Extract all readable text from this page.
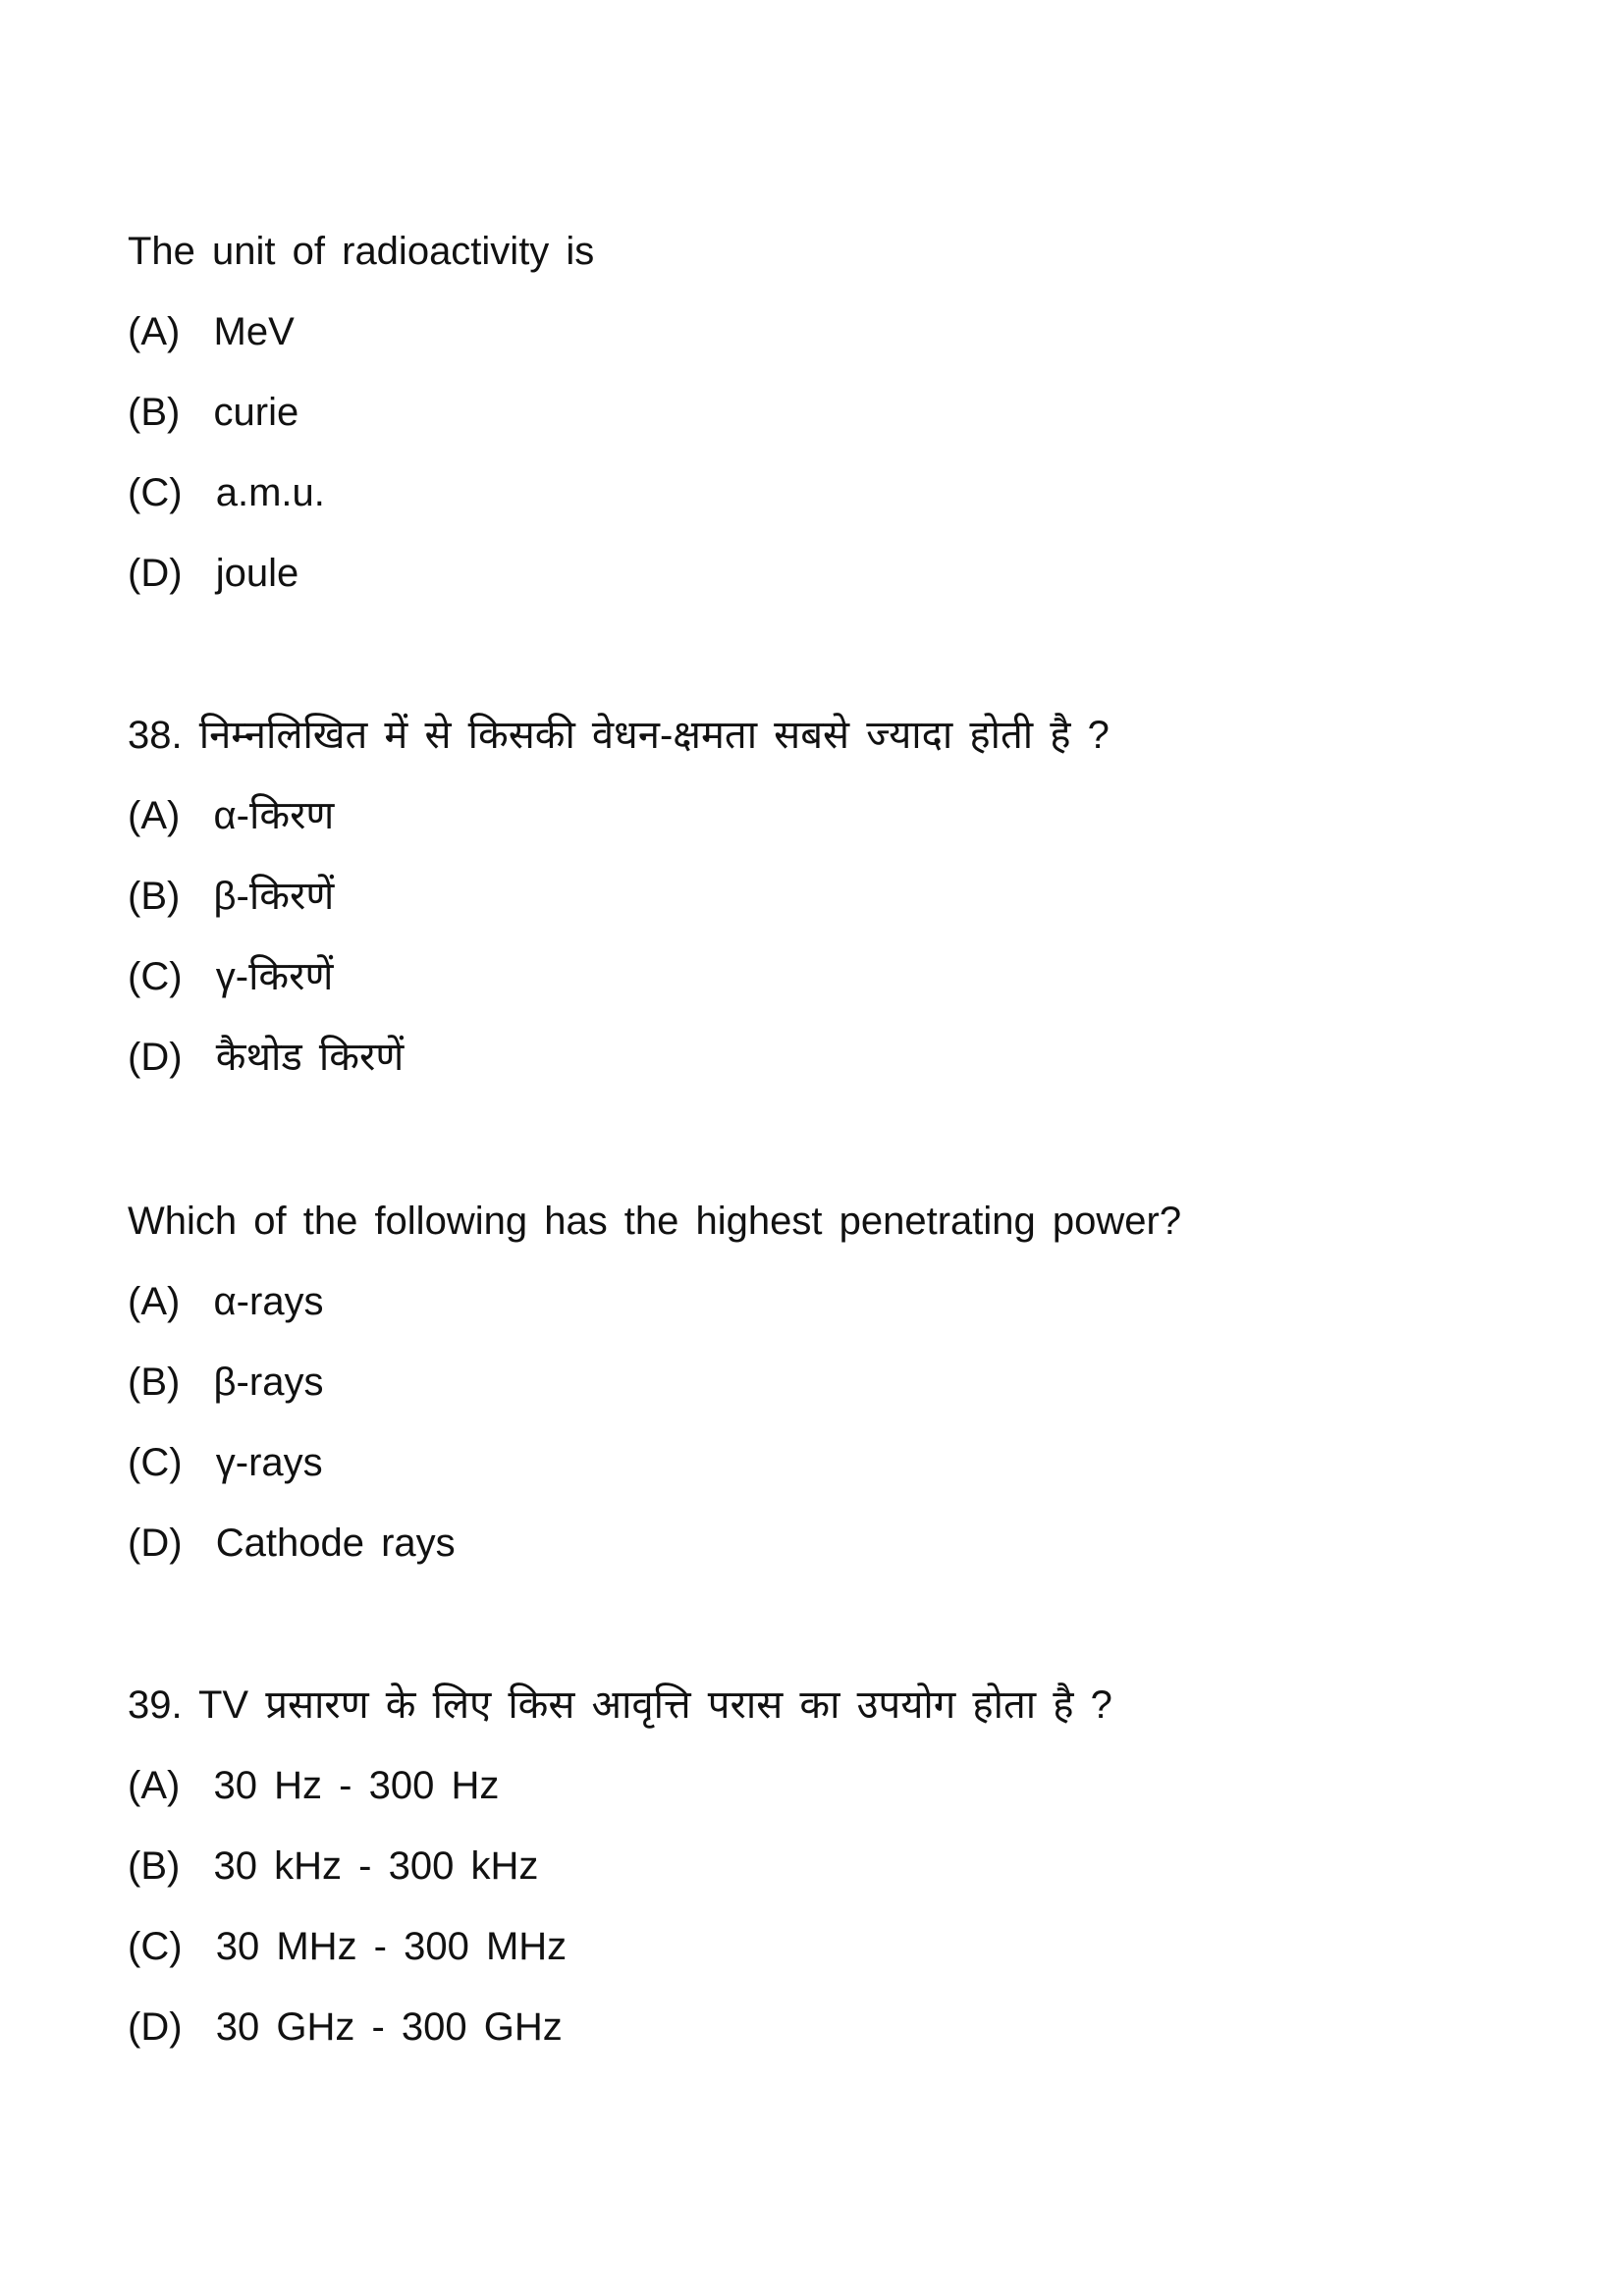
The unit of radioactivity is
(A)  MeV
(B)  curie
(C)  a.m.u.
(D)  joule
38. निम्नलिखित में से किसकी वेधन-क्षमता सबसे ज्यादा होती है ?
(A)  α-किरण
(B)  β-किरणें
(C)  γ-किरणें
(D)  कैथोड किरणें
Which of the following has the highest penetrating power?
(A)  α-rays
(B)  β-rays
(C)  γ-rays
(D)  Cathode rays
39. TV प्रसारण के लिए किस आवृत्ति परास का उपयोग होता है ?
(A)  30 Hz - 300 Hz
(B)  30 kHz - 300 kHz
(C)  30 MHz - 300 MHz
(D)  30 GHz - 300 GHz
